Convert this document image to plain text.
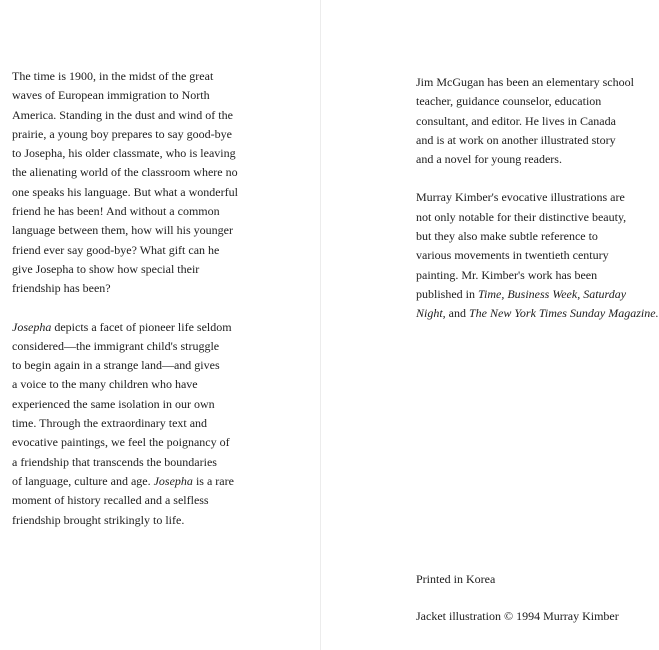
The time is 1900, in the midst of the great

waves of European immigration to North

America. Standing in the dust and wind of the

prairie, a young boy prepares to say good-bye

to Josepha, his older classmate, who is leaving

the alienating world of the classroom where no

one speaks his language. But what a wonderful

friend he has been! And without a common

language between them, how will his younger

friend ever say good-bye? What gift can he

give Josepha to show how special their

friendship has been?

Josepha depicts a facet of pioneer life seldom

considered—the immigrant child's struggle

to begin again in a strange land—and gives

a voice to the many children who have

experienced the same isolation in our own

time. Through the extraordinary text and

evocative paintings, we feel the poignancy of

a friendship that transcends the boundaries

of language, culture and age. Josepha is a rare

moment of history recalled and a selfless

friendship brought strikingly to life.

Jim McGugan has been an elementary school

teacher, guidance counselor, education

consultant, and editor. He lives in Canada

and is at work on another illustrated story

and a novel for young readers.

Murray Kimber's evocative illustrations are

not only notable for their distinctive beauty,

but they also make subtle reference to

various movements in twentieth century

painting. Mr. Kimber's work has been

published in Time, Business Week, Saturday

Night, and The New York Times Sunday Magazine.

Printed in Korea
Jacket illustration © 1994 Murray Kimber
